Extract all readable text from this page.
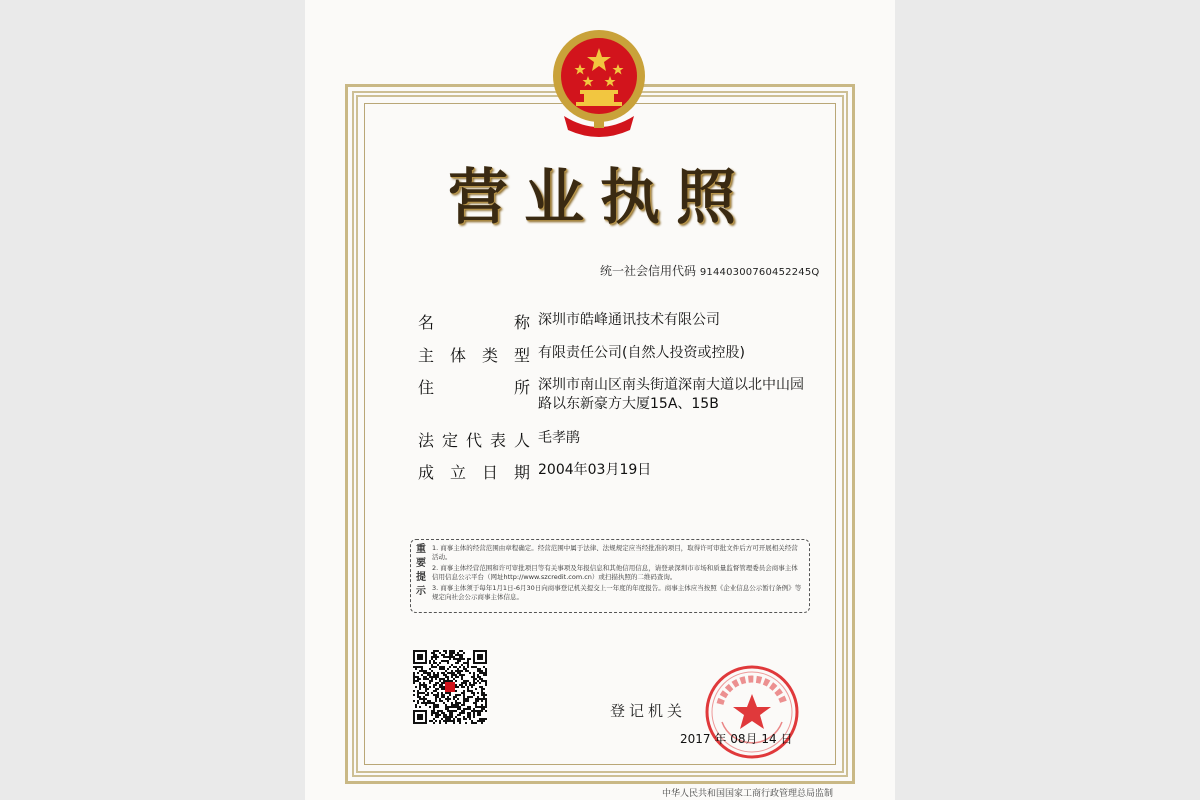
营业执照
统一社会信用代码 91440300760452245Q
名	称 深圳市皓峰通讯技术有限公司
主 体 类 型 有限责任公司(自然人投资或控股)
住	所 深圳市南山区南头街道深南大道以北中山园
路以东新豪方大厦15A、15B
法 定 代 表 人 毛孝鹃
成 立 日 期 2004年03月19日
重
要
提
示

1. 商事主体的经营范围由章程确定。经营范围中属于法律、法规规定应当经批准的项目，取得许可审批文件后方可开展相关经营活动。

2. 商事主体经营范围和许可审批项目等有关事项及年报信息和其他信用信息，请登录深圳市市场和质量监督管理委员会商事主体信用信息公示平台（网址http://www.szcredit.com.cn）或扫描执照的二维码查询。

3. 商事主体须于每年1月1日-6月30日向商事登记机关提交上一年度的年度报告。商事主体应当按照《企业信息公示暂行条例》等规定向社会公示商事主体信息。

登记机关
2017 年 08月 14 日
中华人民共和国国家工商行政管理总局监制
